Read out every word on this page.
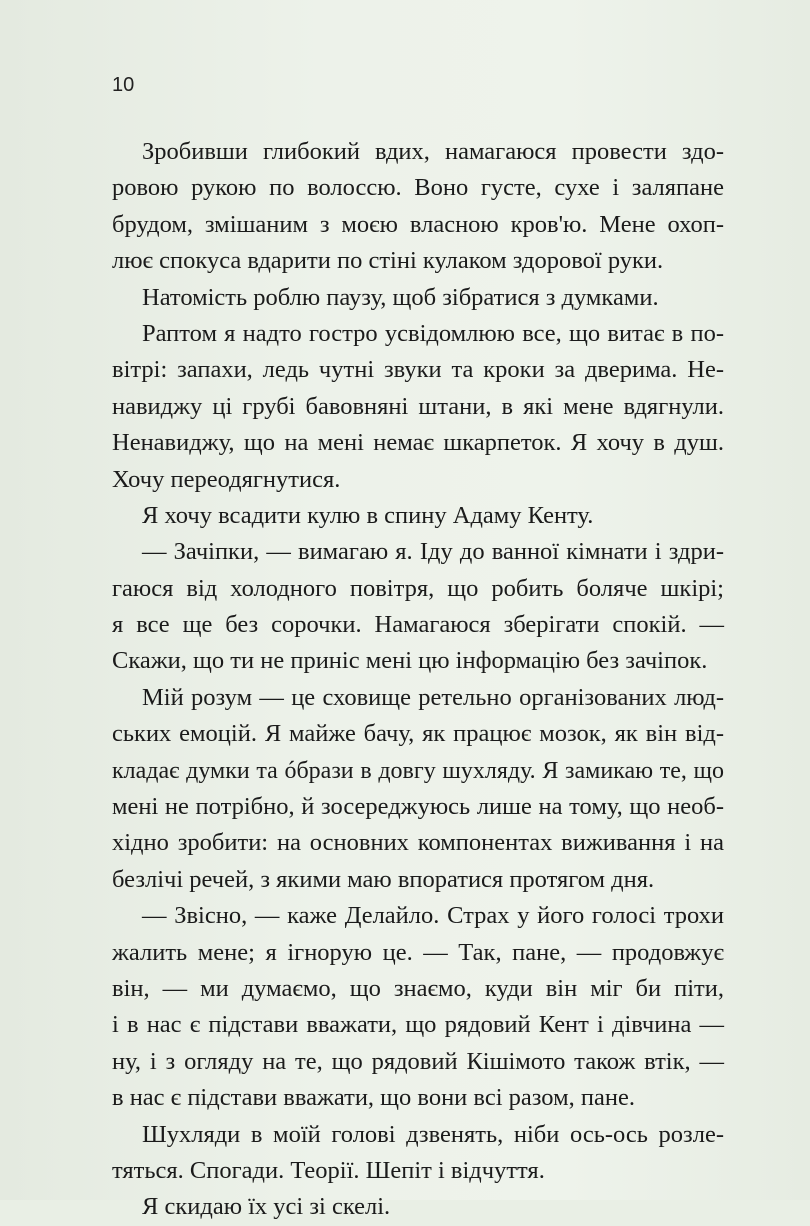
10
Зробивши глибокий вдих, намагаюся провести здо-
ровою рукою по волоссю. Воно густе, сухе і заляпане
брудом, змішаним з моєю власною кров'ю. Мене охоп-
лює спокуса вдарити по стіні кулаком здорової руки.
Натомість роблю паузу, щоб зібратися з думками.
Раптом я надто гостро усвідомлюю все, що витає в по-
вітрі: запахи, ледь чутні звуки та кроки за дверима. Не-
навиджу ці грубі бавовняні штани, в які мене вдягнули.
Ненавиджу, що на мені немає шкарпеток. Я хочу в душ.
Хочу переодягнутися.
Я хочу всадити кулю в спину Адаму Кенту.
— Зачіпки, — вимагаю я. Іду до ванної кімнати і здри-
гаюся від холодного повітря, що робить боляче шкірі;
я все ще без сорочки. Намагаюся зберігати спокій. —
Скажи, що ти не приніс мені цю інформацію без зачіпок.
Мій розум — це сховище ретельно організованих люд-
ських емоцій. Я майже бачу, як працює мозок, як він від-
кладає думки та óбрази в довгу шухляду. Я замикаю те, що
мені не потрібно, й зосереджуюсь лише на тому, що необ-
хідно зробити: на основних компонентах виживання і на
безлічі речей, з якими маю впоратися протягом дня.
— Звісно, — каже Делайло. Страх у його голосі трохи
жалить мене; я ігнорую це. — Так, пане, — продовжує
він, — ми думаємо, що знаємо, куди він міг би піти,
і в нас є підстави вважати, що рядовий Кент і дівчина —
ну, і з огляду на те, що рядовий Кішімото також втік, —
в нас є підстави вважати, що вони всі разом, пане.
Шухляди в моїй голові дзвенять, ніби ось-ось розле-
тяться. Спогади. Теорії. Шепіт і відчуття.
Я скидаю їх усі зі скелі.
